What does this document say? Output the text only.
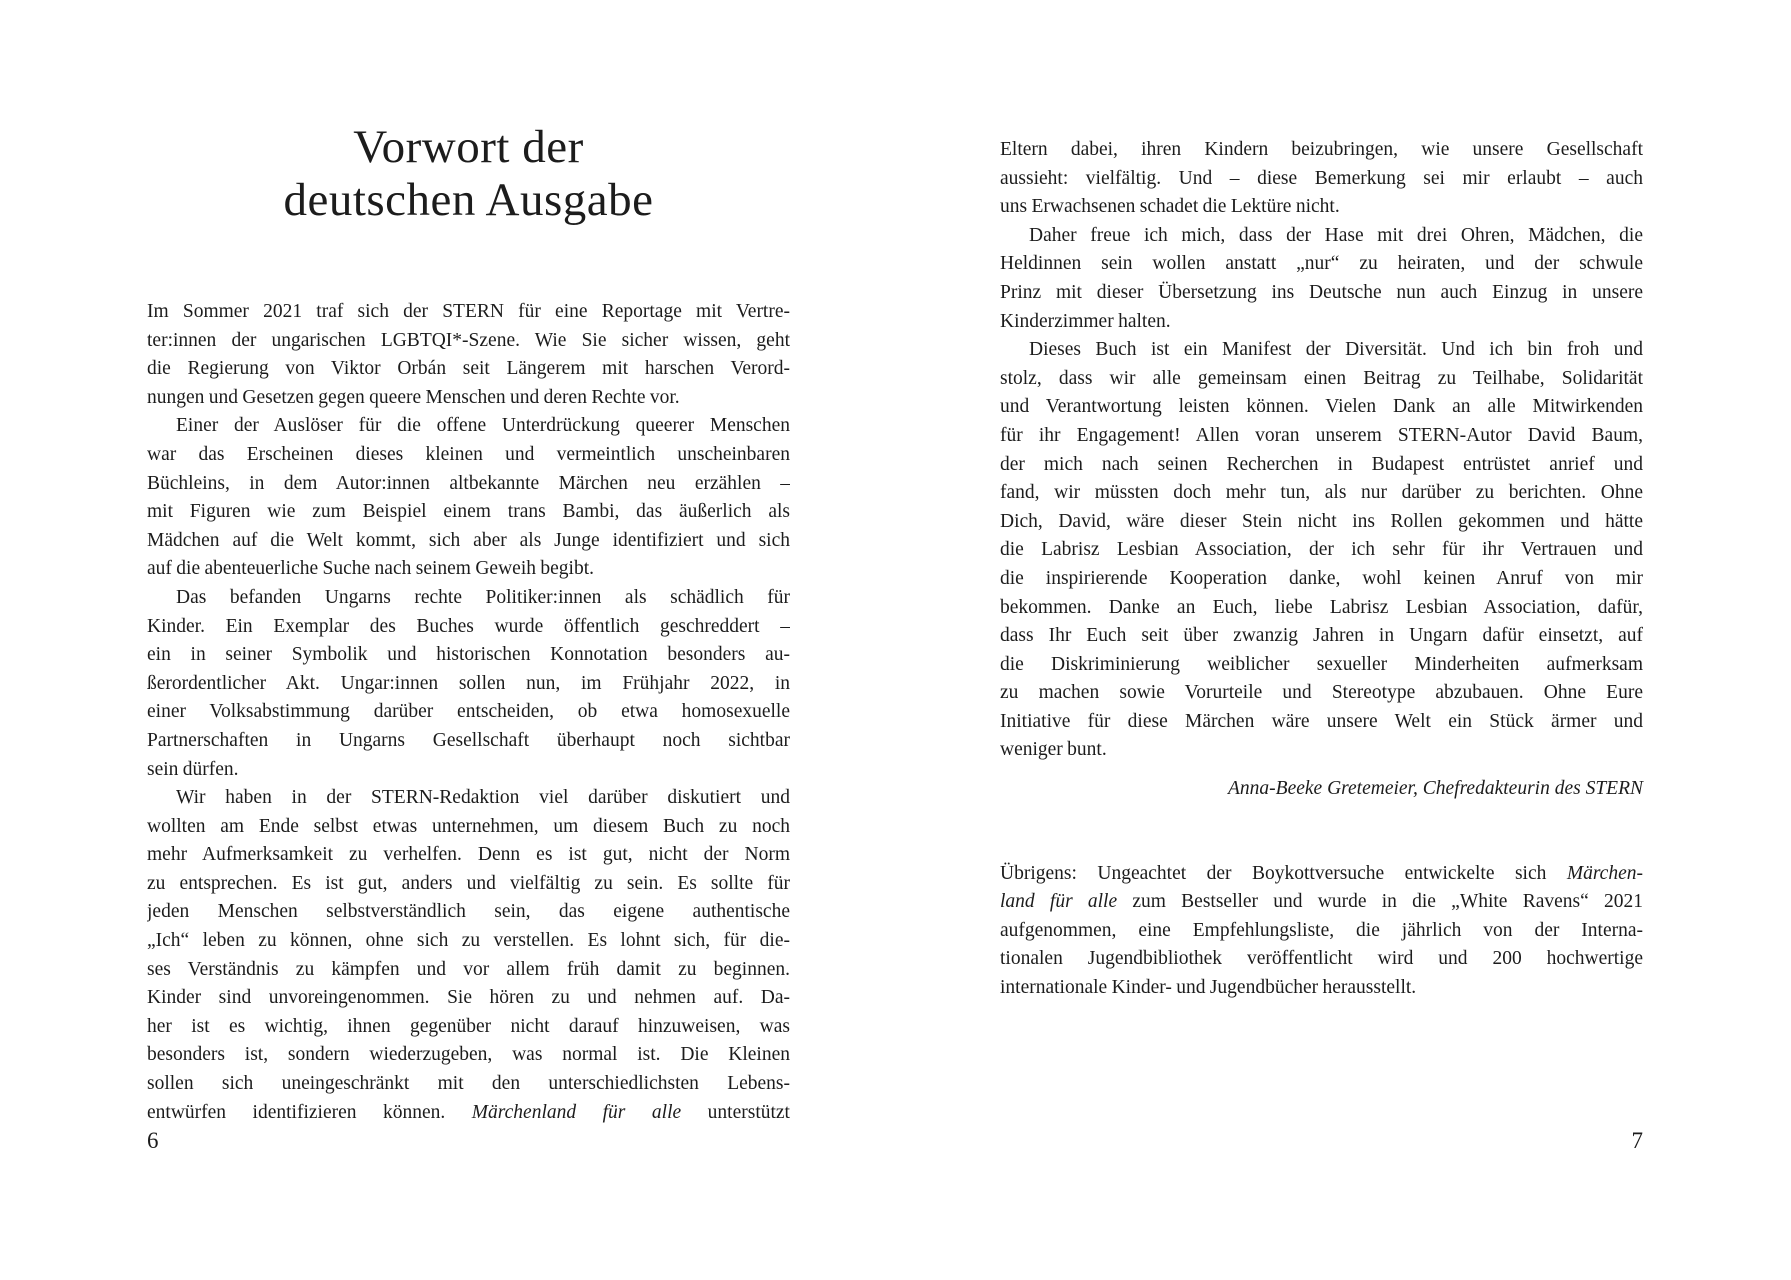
Vorwort der
deutschen Ausgabe
Im Sommer 2021 traf sich der STERN für eine Reportage mit Vertre-
ter:innen der ungarischen LGBTQI*-Szene. Wie Sie sicher wissen, geht
die Regierung von Viktor Orbán seit Längerem mit harschen Verord-
nungen und Gesetzen gegen queere Menschen und deren Rechte vor.
Einer der Auslöser für die offene Unterdrückung queerer Menschen
war das Erscheinen dieses kleinen und vermeintlich unscheinbaren
Büchleins, in dem Autor:innen altbekannte Märchen neu erzählen –
mit Figuren wie zum Beispiel einem trans Bambi, das äußerlich als
Mädchen auf die Welt kommt, sich aber als Junge identifiziert und sich
auf die abenteuerliche Suche nach seinem Geweih begibt.
Das befanden Ungarns rechte Politiker:innen als schädlich für
Kinder. Ein Exemplar des Buches wurde öffentlich geschreddert –
ein in seiner Symbolik und historischen Konnotation besonders au-
ßerordentlicher Akt. Ungar:innen sollen nun, im Frühjahr 2022, in
einer Volksabstimmung darüber entscheiden, ob etwa homosexuelle
Partnerschaften in Ungarns Gesellschaft überhaupt noch sichtbar
sein dürfen.
Wir haben in der STERN-Redaktion viel darüber diskutiert und
wollten am Ende selbst etwas unternehmen, um diesem Buch zu noch
mehr Aufmerksamkeit zu verhelfen. Denn es ist gut, nicht der Norm
zu entsprechen. Es ist gut, anders und vielfältig zu sein. Es sollte für
jeden Menschen selbstverständlich sein, das eigene authentische
„Ich“ leben zu können, ohne sich zu verstellen. Es lohnt sich, für die-
ses Verständnis zu kämpfen und vor allem früh damit zu beginnen.
Kinder sind unvoreingenommen. Sie hören zu und nehmen auf. Da-
her ist es wichtig, ihnen gegenüber nicht darauf hinzuweisen, was
besonders ist, sondern wiederzugeben, was normal ist. Die Kleinen
sollen sich uneingeschränkt mit den unterschiedlichsten Lebens-
entwürfen identifizieren können. Märchenland für alle unterstützt
6
Eltern dabei, ihren Kindern beizubringen, wie unsere Gesellschaft
aussieht: vielfältig. Und – diese Bemerkung sei mir erlaubt – auch
uns Erwachsenen schadet die Lektüre nicht.
Daher freue ich mich, dass der Hase mit drei Ohren, Mädchen, die
Heldinnen sein wollen anstatt „nur“ zu heiraten, und der schwule
Prinz mit dieser Übersetzung ins Deutsche nun auch Einzug in unsere
Kinderzimmer halten.
Dieses Buch ist ein Manifest der Diversität. Und ich bin froh und
stolz, dass wir alle gemeinsam einen Beitrag zu Teilhabe, Solidarität
und Verantwortung leisten können. Vielen Dank an alle Mitwirkenden
für ihr Engagement! Allen voran unserem STERN-Autor David Baum,
der mich nach seinen Recherchen in Budapest entrüstet anrief und
fand, wir müssten doch mehr tun, als nur darüber zu berichten. Ohne
Dich, David, wäre dieser Stein nicht ins Rollen gekommen und hätte
die Labrisz Lesbian Association, der ich sehr für ihr Vertrauen und
die inspirierende Kooperation danke, wohl keinen Anruf von mir
bekommen. Danke an Euch, liebe Labrisz Lesbian Association, dafür,
dass Ihr Euch seit über zwanzig Jahren in Ungarn dafür einsetzt, auf
die Diskriminierung weiblicher sexueller Minderheiten aufmerksam
zu machen sowie Vorurteile und Stereotype abzubauen. Ohne Eure
Initiative für diese Märchen wäre unsere Welt ein Stück ärmer und
weniger bunt.
Anna-Beeke Gretemeier, Chefredakteurin des STERN
Übrigens: Ungeachtet der Boykottversuche entwickelte sich Märchen-
land für alle zum Bestseller und wurde in die „White Ravens“ 2021
aufgenommen, eine Empfehlungsliste, die jährlich von der Interna-
tionalen Jugendbibliothek veröffentlicht wird und 200 hochwertige
internationale Kinder- und Jugendbücher herausstellt.
7
